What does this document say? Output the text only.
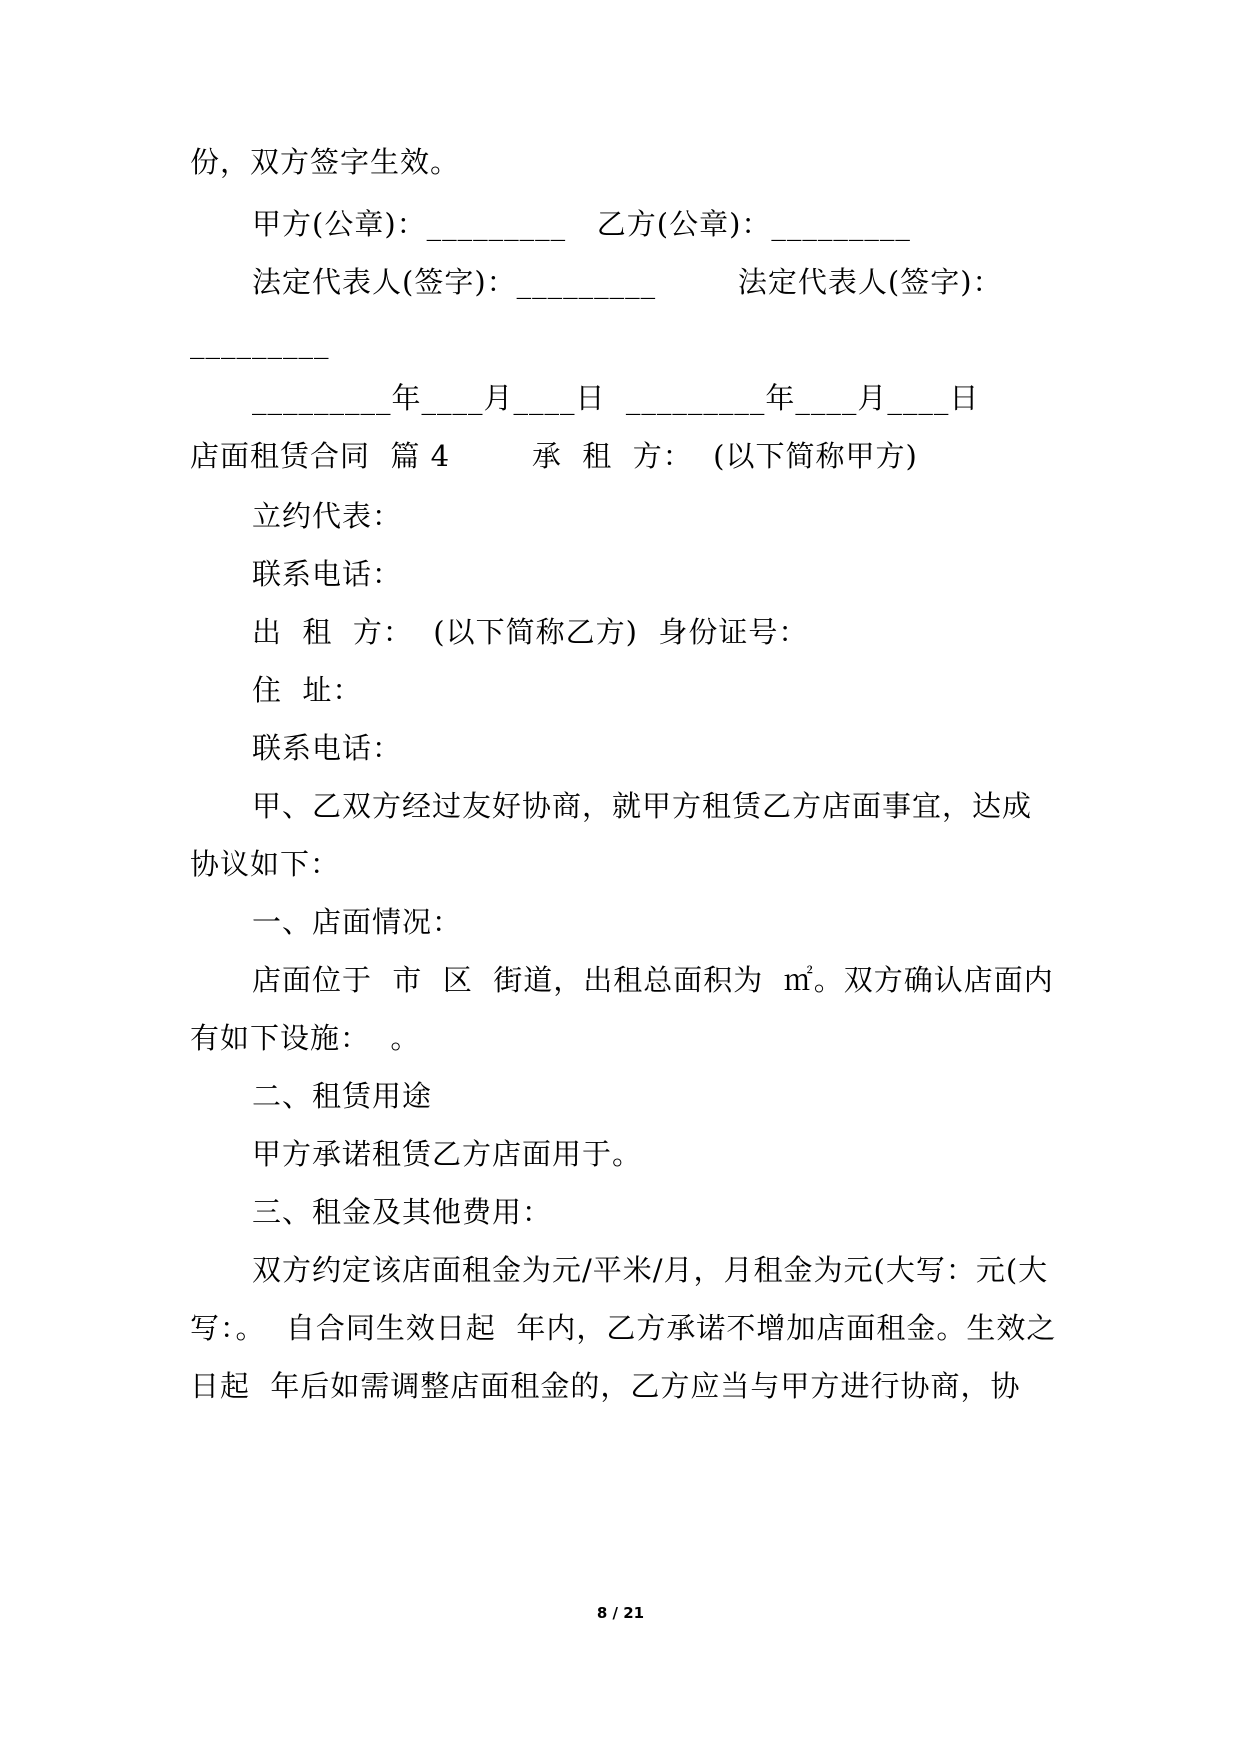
份，双方签字生效。
甲方(公章)：_________   乙方(公章)：_________
法定代表人(签字)：_________        法定代表人(签字)：
_________
_________年____月____日  _________年____月____日
店面租赁合同  篇 4        承  租  方：  (以下简称甲方)
立约代表：
联系电话：
出  租  方：  (以下简称乙方)  身份证号：
住  址：
联系电话：
甲、乙双方经过友好协商，就甲方租赁乙方店面事宜，达成
协议如下：
一、店面情况：
店面位于  市  区  街道，出租总面积为  ㎡。双方确认店面内
有如下设施：  。
二、租赁用途
甲方承诺租赁乙方店面用于。
三、租金及其他费用：
双方约定该店面租金为元/平米/月，月租金为元(大写：元(大
写：。  自合同生效日起  年内，乙方承诺不增加店面租金。生效之
日起  年后如需调整店面租金的，乙方应当与甲方进行协商，协
8 / 21
